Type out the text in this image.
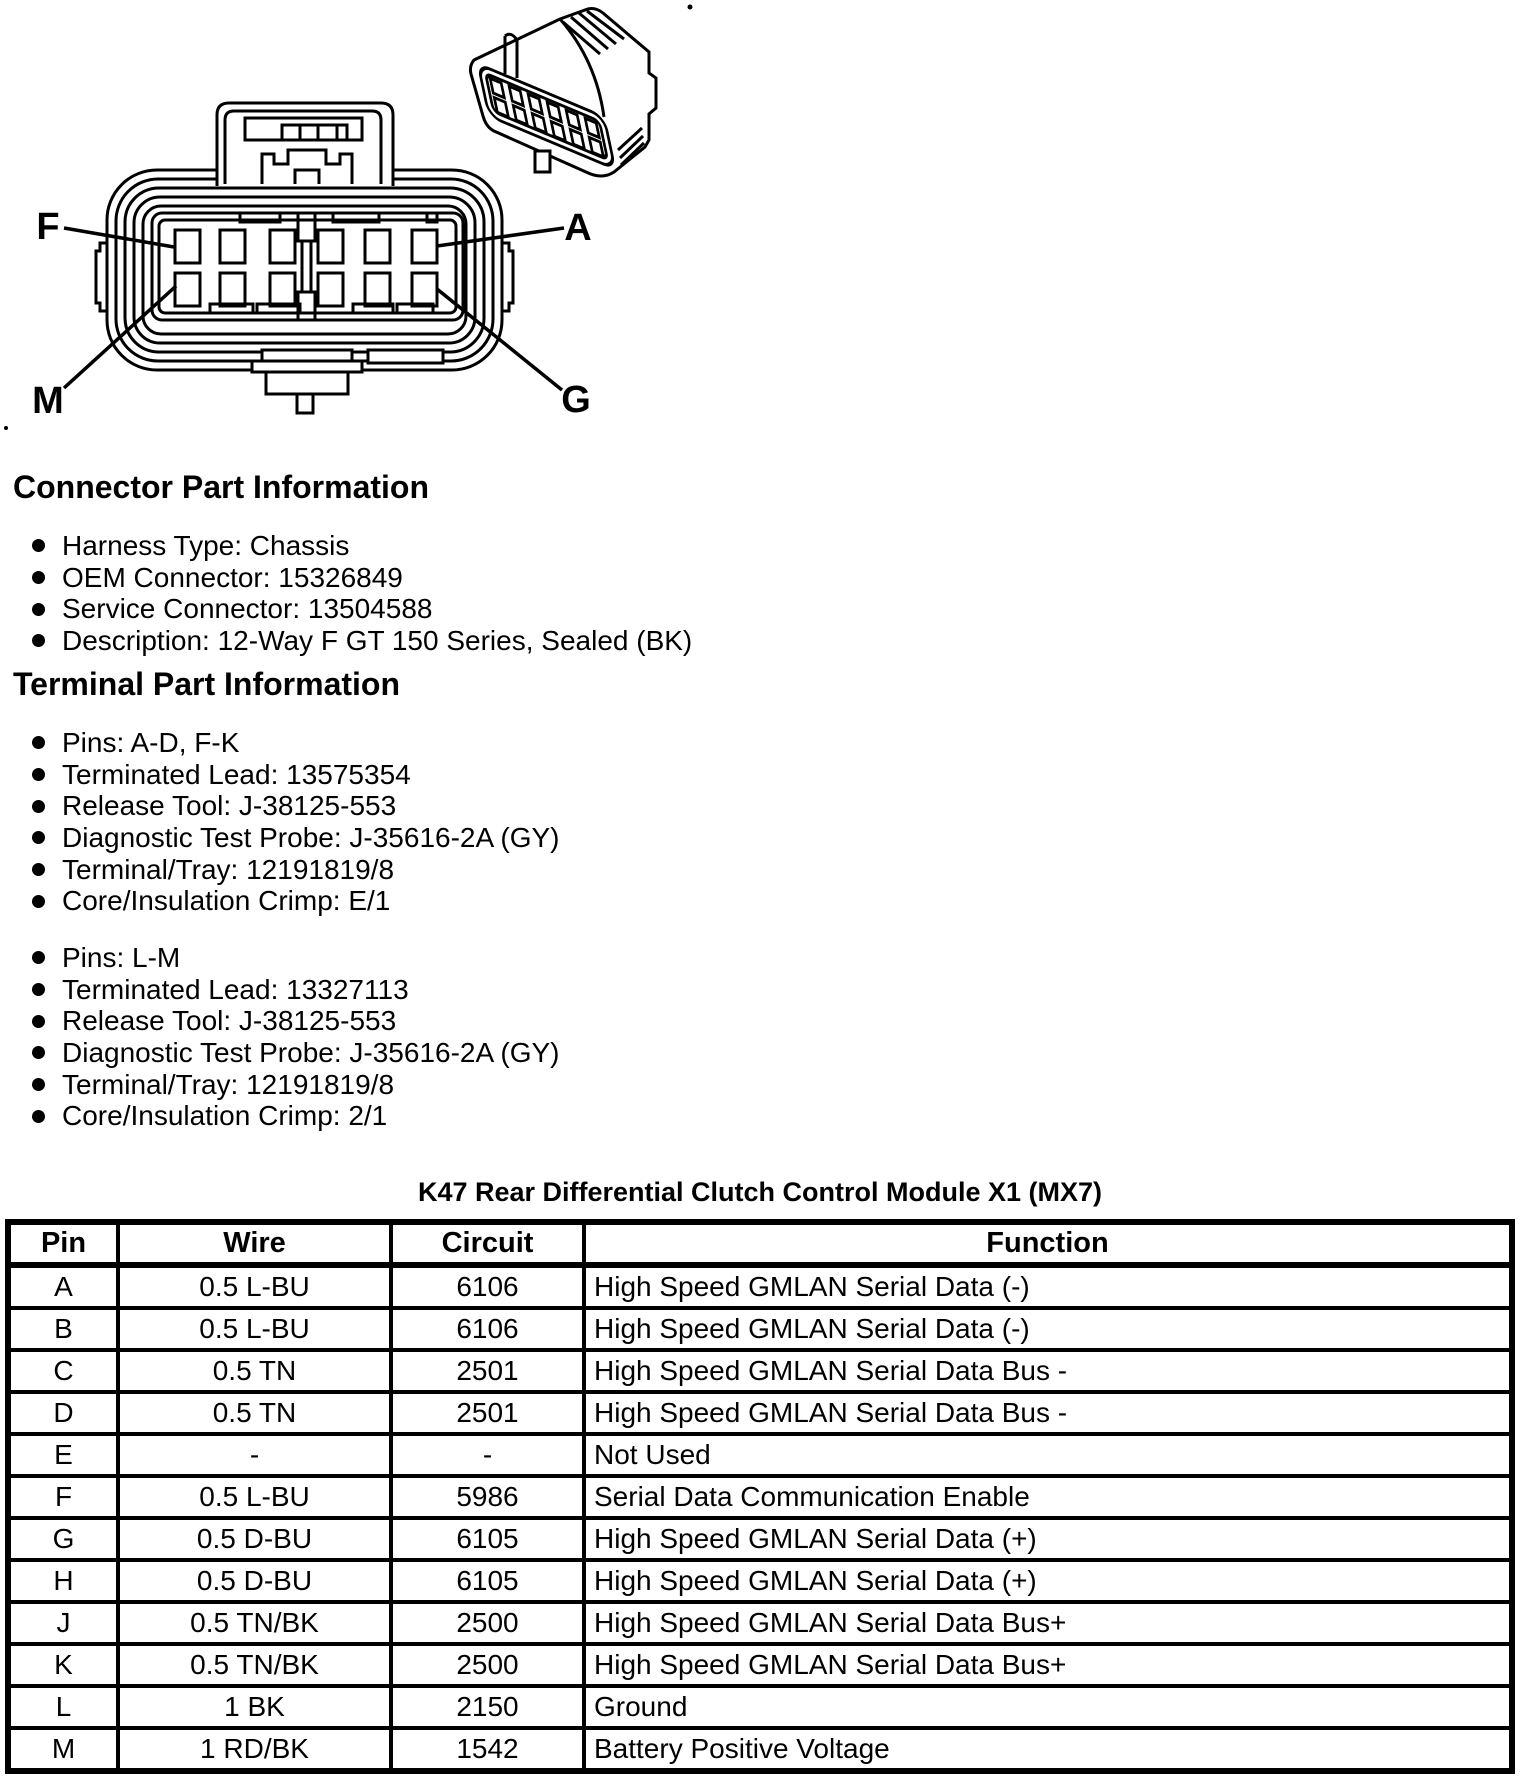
F	A
M	G
Connector Part Information
Harness Type: Chassis
OEM Connector: 15326849
Service Connector: 13504588
Description: 12-Way F GT 150 Series, Sealed (BK)
Terminal Part Information
Pins: A-D, F-K
Terminated Lead: 13575354
Release Tool: J-38125-553
Diagnostic Test Probe: J-35616-2A (GY)
Terminal/Tray: 12191819/8
Core/Insulation Crimp: E/1
Pins: L-M
Terminated Lead: 13327113
Release Tool: J-38125-553
Diagnostic Test Probe: J-35616-2A (GY)
Terminal/Tray: 12191819/8
Core/Insulation Crimp: 2/1
K47 Rear Differential Clutch Control Module X1 (MX7)
Pin	Wire	Circuit	Function
A	0.5 L-BU	6106	High Speed GMLAN Serial Data (-)
B	0.5 L-BU	6106	High Speed GMLAN Serial Data (-)
C	0.5 TN	2501	High Speed GMLAN Serial Data Bus -
D	0.5 TN	2501	High Speed GMLAN Serial Data Bus -
E	-	-	Not Used
F	0.5 L-BU	5986	Serial Data Communication Enable
G	0.5 D-BU	6105	High Speed GMLAN Serial Data (+)
H	0.5 D-BU	6105	High Speed GMLAN Serial Data (+)
J	0.5 TN/BK	2500	High Speed GMLAN Serial Data Bus+
K	0.5 TN/BK	2500	High Speed GMLAN Serial Data Bus+
L	1 BK	2150	Ground
M	1 RD/BK	1542	Battery Positive Voltage
